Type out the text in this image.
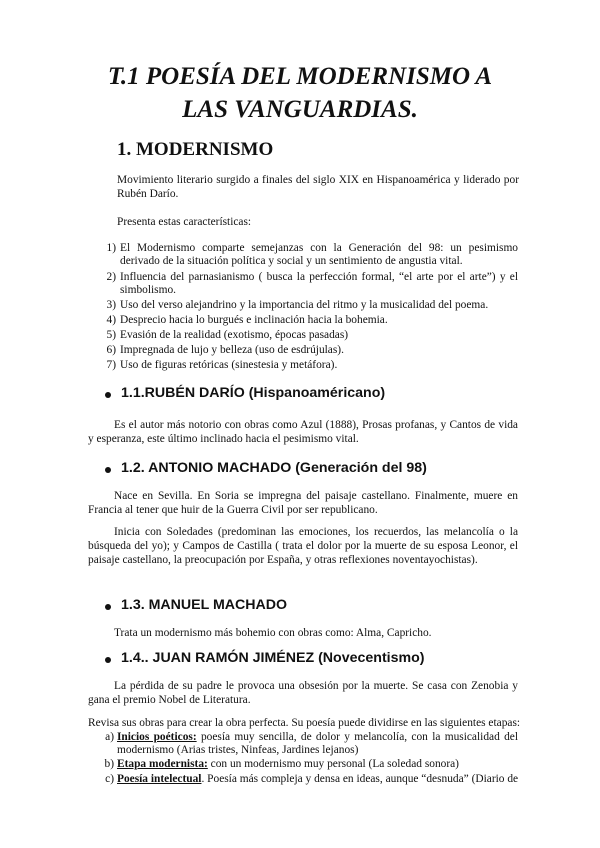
T.1 POESÍA DEL MODERNISMO A
LAS VANGUARDIAS.
1. MODERNISMO

Movimiento literario surgido a finales del siglo XIX en Hispanoamérica y liderado por Rubén Darío.

Presenta estas características:

1) El Modernismo comparte semejanzas con la Generación del 98: un pesimismo derivado de la situación política y social y un sentimiento de angustia vital.
2) Influencia del parnasianismo ( busca la perfección formal, “el arte por el arte”) y el simbolismo.
3) Uso del verso alejandrino y la importancia del ritmo y la musicalidad del poema.
4) Desprecio hacia lo burgués e inclinación hacia la bohemia.
5) Evasión de la realidad (exotismo, épocas pasadas)
6) Impregnada de lujo y belleza (uso de esdrújulas).
7) Uso de figuras retóricas (sinestesia y metáfora).
1.1.RUBÉN DARÍO (Hispanoaméricano)

Es el autor más notorio con obras como Azul (1888), Prosas profanas, y Cantos de vida y esperanza, este último inclinado hacia el pesimismo vital.

1.2. ANTONIO MACHADO (Generación del 98)

Nace en Sevilla. En Soria se impregna del paisaje castellano. Finalmente, muere en Francia al tener que huir de la Guerra Civil por ser republicano.

Inicia con Soledades (predominan las emociones, los recuerdos, las melancolía o la búsqueda del yo); y Campos de Castilla ( trata el dolor por la muerte de su esposa Leonor, el paisaje castellano, la preocupación por España, y otras reflexiones noventayochistas).

1.3. MANUEL MACHADO

Trata un modernismo más bohemio con obras como: Alma, Capricho.

1.4.. JUAN RAMÓN JIMÉNEZ (Novecentismo)

La pérdida de su padre le provoca una obsesión por la muerte. Se casa con Zenobia y gana el premio Nobel de Literatura.

Revisa sus obras para crear la obra perfecta. Su poesía puede dividirse en las siguientes etapas:

a) Inicios poéticos: poesía muy sencilla, de dolor y melancolía, con la musicalidad del modernismo (Arias tristes, Ninfeas, Jardines lejanos)
b) Etapa modernista: con un modernismo muy personal (La soledad sonora)
c) Poesía intelectual. Poesía más compleja y densa en ideas, aunque “desnuda” (Diario de
